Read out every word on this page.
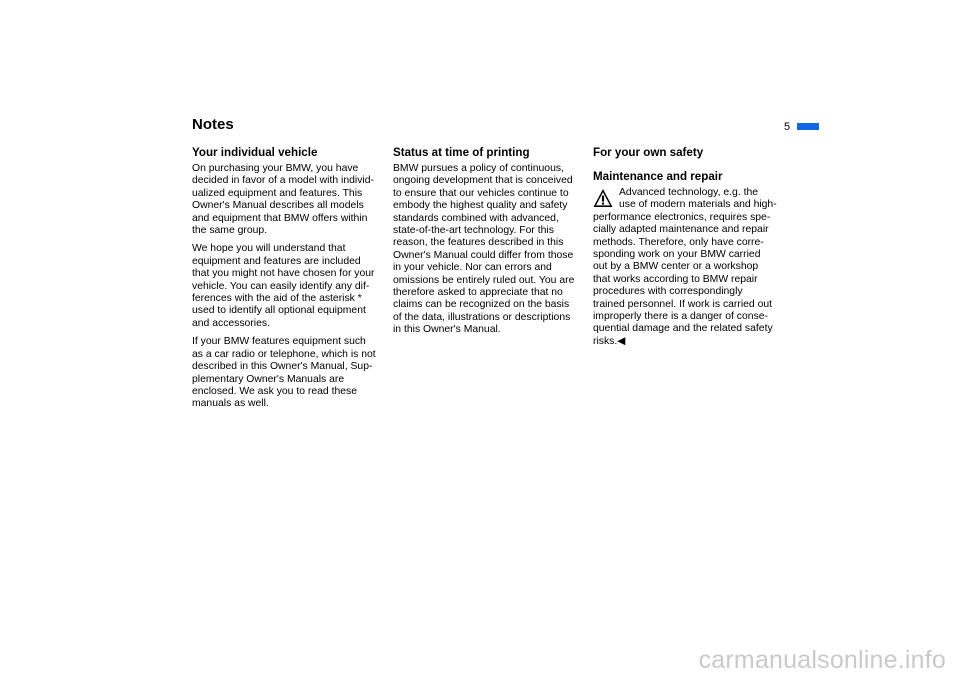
Notes	5
Your individual vehicle

On purchasing your BMW, you have
decided in favor of a model with individ-
ualized equipment and features. This
Owner's Manual describes all models
and equipment that BMW offers within
the same group.

We hope you will understand that
equipment and features are included
that you might not have chosen for your
vehicle. You can easily identify any dif-
ferences with the aid of the asterisk *
used to identify all optional equipment
and accessories.

If your BMW features equipment such
as a car radio or telephone, which is not
described in this Owner's Manual, Sup-
plementary Owner's Manuals are
enclosed. We ask you to read these
manuals as well.

Status at time of printing

BMW pursues a policy of continuous,
ongoing development that is conceived
to ensure that our vehicles continue to
embody the highest quality and safety
standards combined with advanced,
state-of-the-art technology. For this
reason, the features described in this
Owner's Manual could differ from those
in your vehicle. Nor can errors and
omissions be entirely ruled out. You are
therefore asked to appreciate that no
claims can be recognized on the basis
of the data, illustrations or descriptions
in this Owner's Manual.

For your own safety
Maintenance and repair

Advanced technology, e.g. the
use of modern materials and high-
performance electronics, requires spe-
cially adapted maintenance and repair
methods. Therefore, only have corre-
sponding work on your BMW carried
out by a BMW center or a workshop
that works according to BMW repair
procedures with correspondingly
trained personnel. If work is carried out
improperly there is a danger of conse-
quential damage and the related safety
risks.◀

carmanualsonline.info
